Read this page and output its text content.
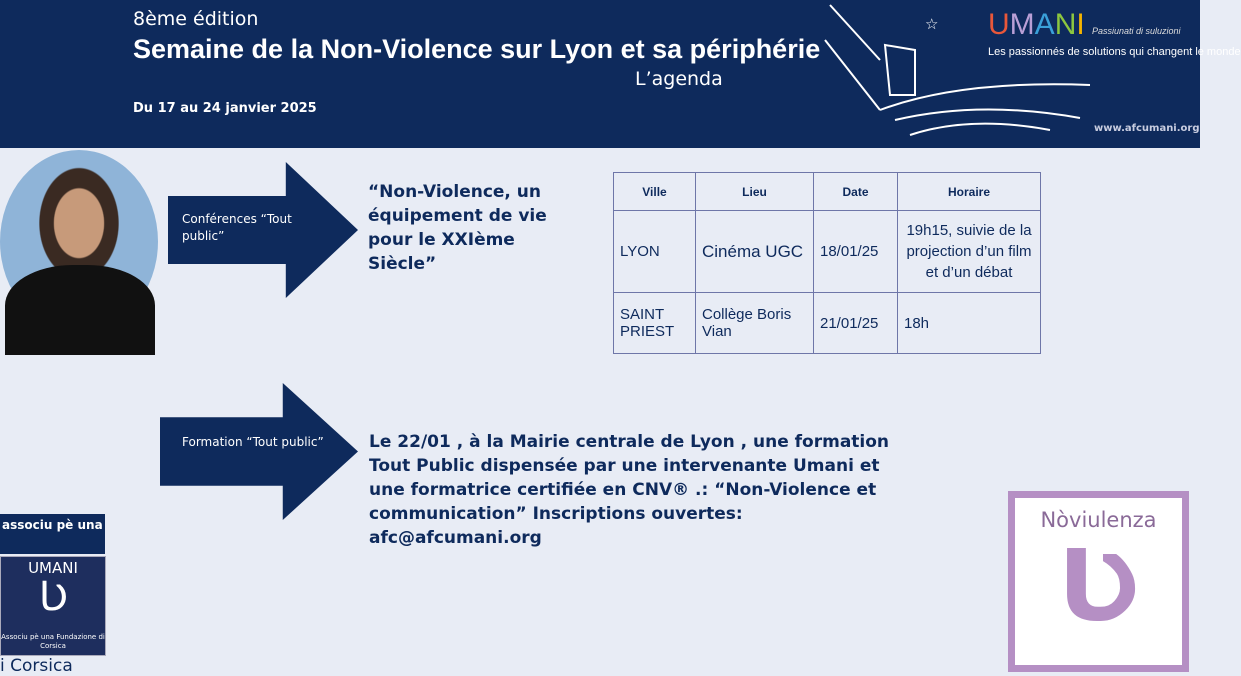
8ème édition
Semaine de la Non-Violence sur Lyon et sa périphérie
L’agenda
Du 17 au 24 janvier 2025
☆ UMANI Passiunati di suluzioni
Les passionnés de solutions qui changent le monde
www.afcumani.org
Conférences “Tout public”
“Non-Violence, un équipement de vie pour le XXIème Siècle”
Ville	Lieu	Date	Horaire
LYON	Cinéma UGC	18/01/25	19h15, suivie de la projection d’un film et d’un débat
SAINT PRIEST	Collège Boris Vian	21/01/25	18h
Formation “Tout public”	Le 22/01 , à la Mairie centrale de Lyon , une formation Tout Public dispensée par une intervenante Umani et une formatrice certifiée en CNV® .: “Non-Violence et communication” Inscriptions ouvertes: afc@afcumani.org
associu pè una
UMANI
Ʋ
Associu pè una Fundazione di Corsica
i Corsica
Nòviulenza
Ʋ
